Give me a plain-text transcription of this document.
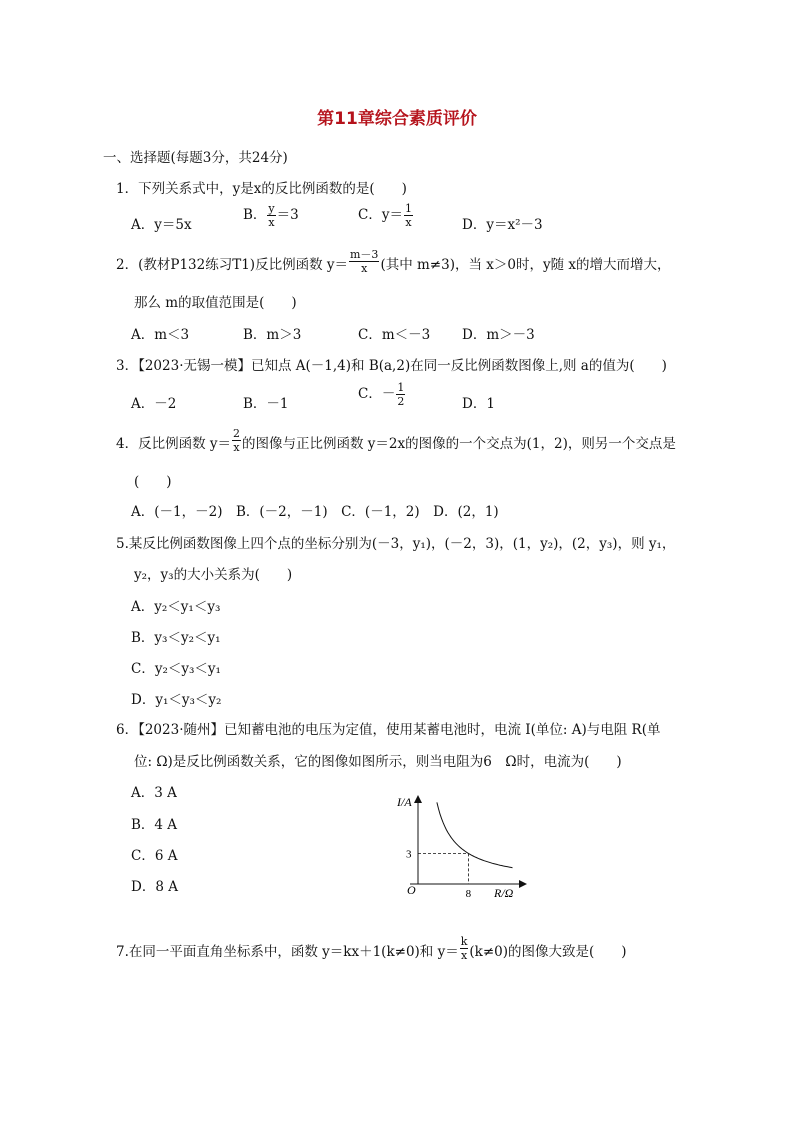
第11章综合素质评价
一、选择题(每题3分，共24分)
1．下列关系式中，y是x的反比例函数的是(　　)
A．y＝5x
B． $\frac{y}{x} =3$	C．$y= \frac{1}{x}$	D．y＝x²－3
2．(教材P132练习T1)反比例函数 $y= \frac{m-3}{x}$ (其中 m≠3)，当 x＞0时，y随 x的增大而增大，
那么 m的取值范围是(　　)
A．m＜3	B．m＞3	C．m＜－3 D．m＞－3
3．【2023·无锡一模】已知点 A(－1,4)和 B(a,2)在同一反比例函数图像上,则 a的值为(　　)
A．－2	B．－1
C．－ $\frac{1}{2}$	D．1
4．反比例函数 $y= \frac{2}{x}$ 的图像与正比例函数 y＝2x的图像的一个交点为(1，2)，则另一个交点是
(　　)
A．(－1，－2)　B．(－2，－1)　C．(－1，2)　D．(2，1)
5.某反比例函数图像上四个点的坐标分别为(－3，y₁)，(－2，3)，(1，y₂)，(2，y₃)，则 y₁，
y₂，y₃的大小关系为(　　)
A．y₂＜y₁＜y₃
B．y₃＜y₂＜y₁
C．y₂＜y₃＜y₁
D．y₁＜y₃＜y₂
6．【2023·随州】已知蓄电池的电压为定值，使用某蓄电池时，电流 I(单位: A)与电阻 R(单
位: Ω)是反比例函数关系，它的图像如图所示，则当电阻为6　Ω时，电流为(　　)
A．3 A
B．4 A
C．6 A
D．8 A
I/A
R/Ω
O
3
8
7.在同一平面直角坐标系中，函数 y＝kx＋1(k≠0)和 $y= \frac{k}{x} (k\ne 0)$的图像大致是(　　)
